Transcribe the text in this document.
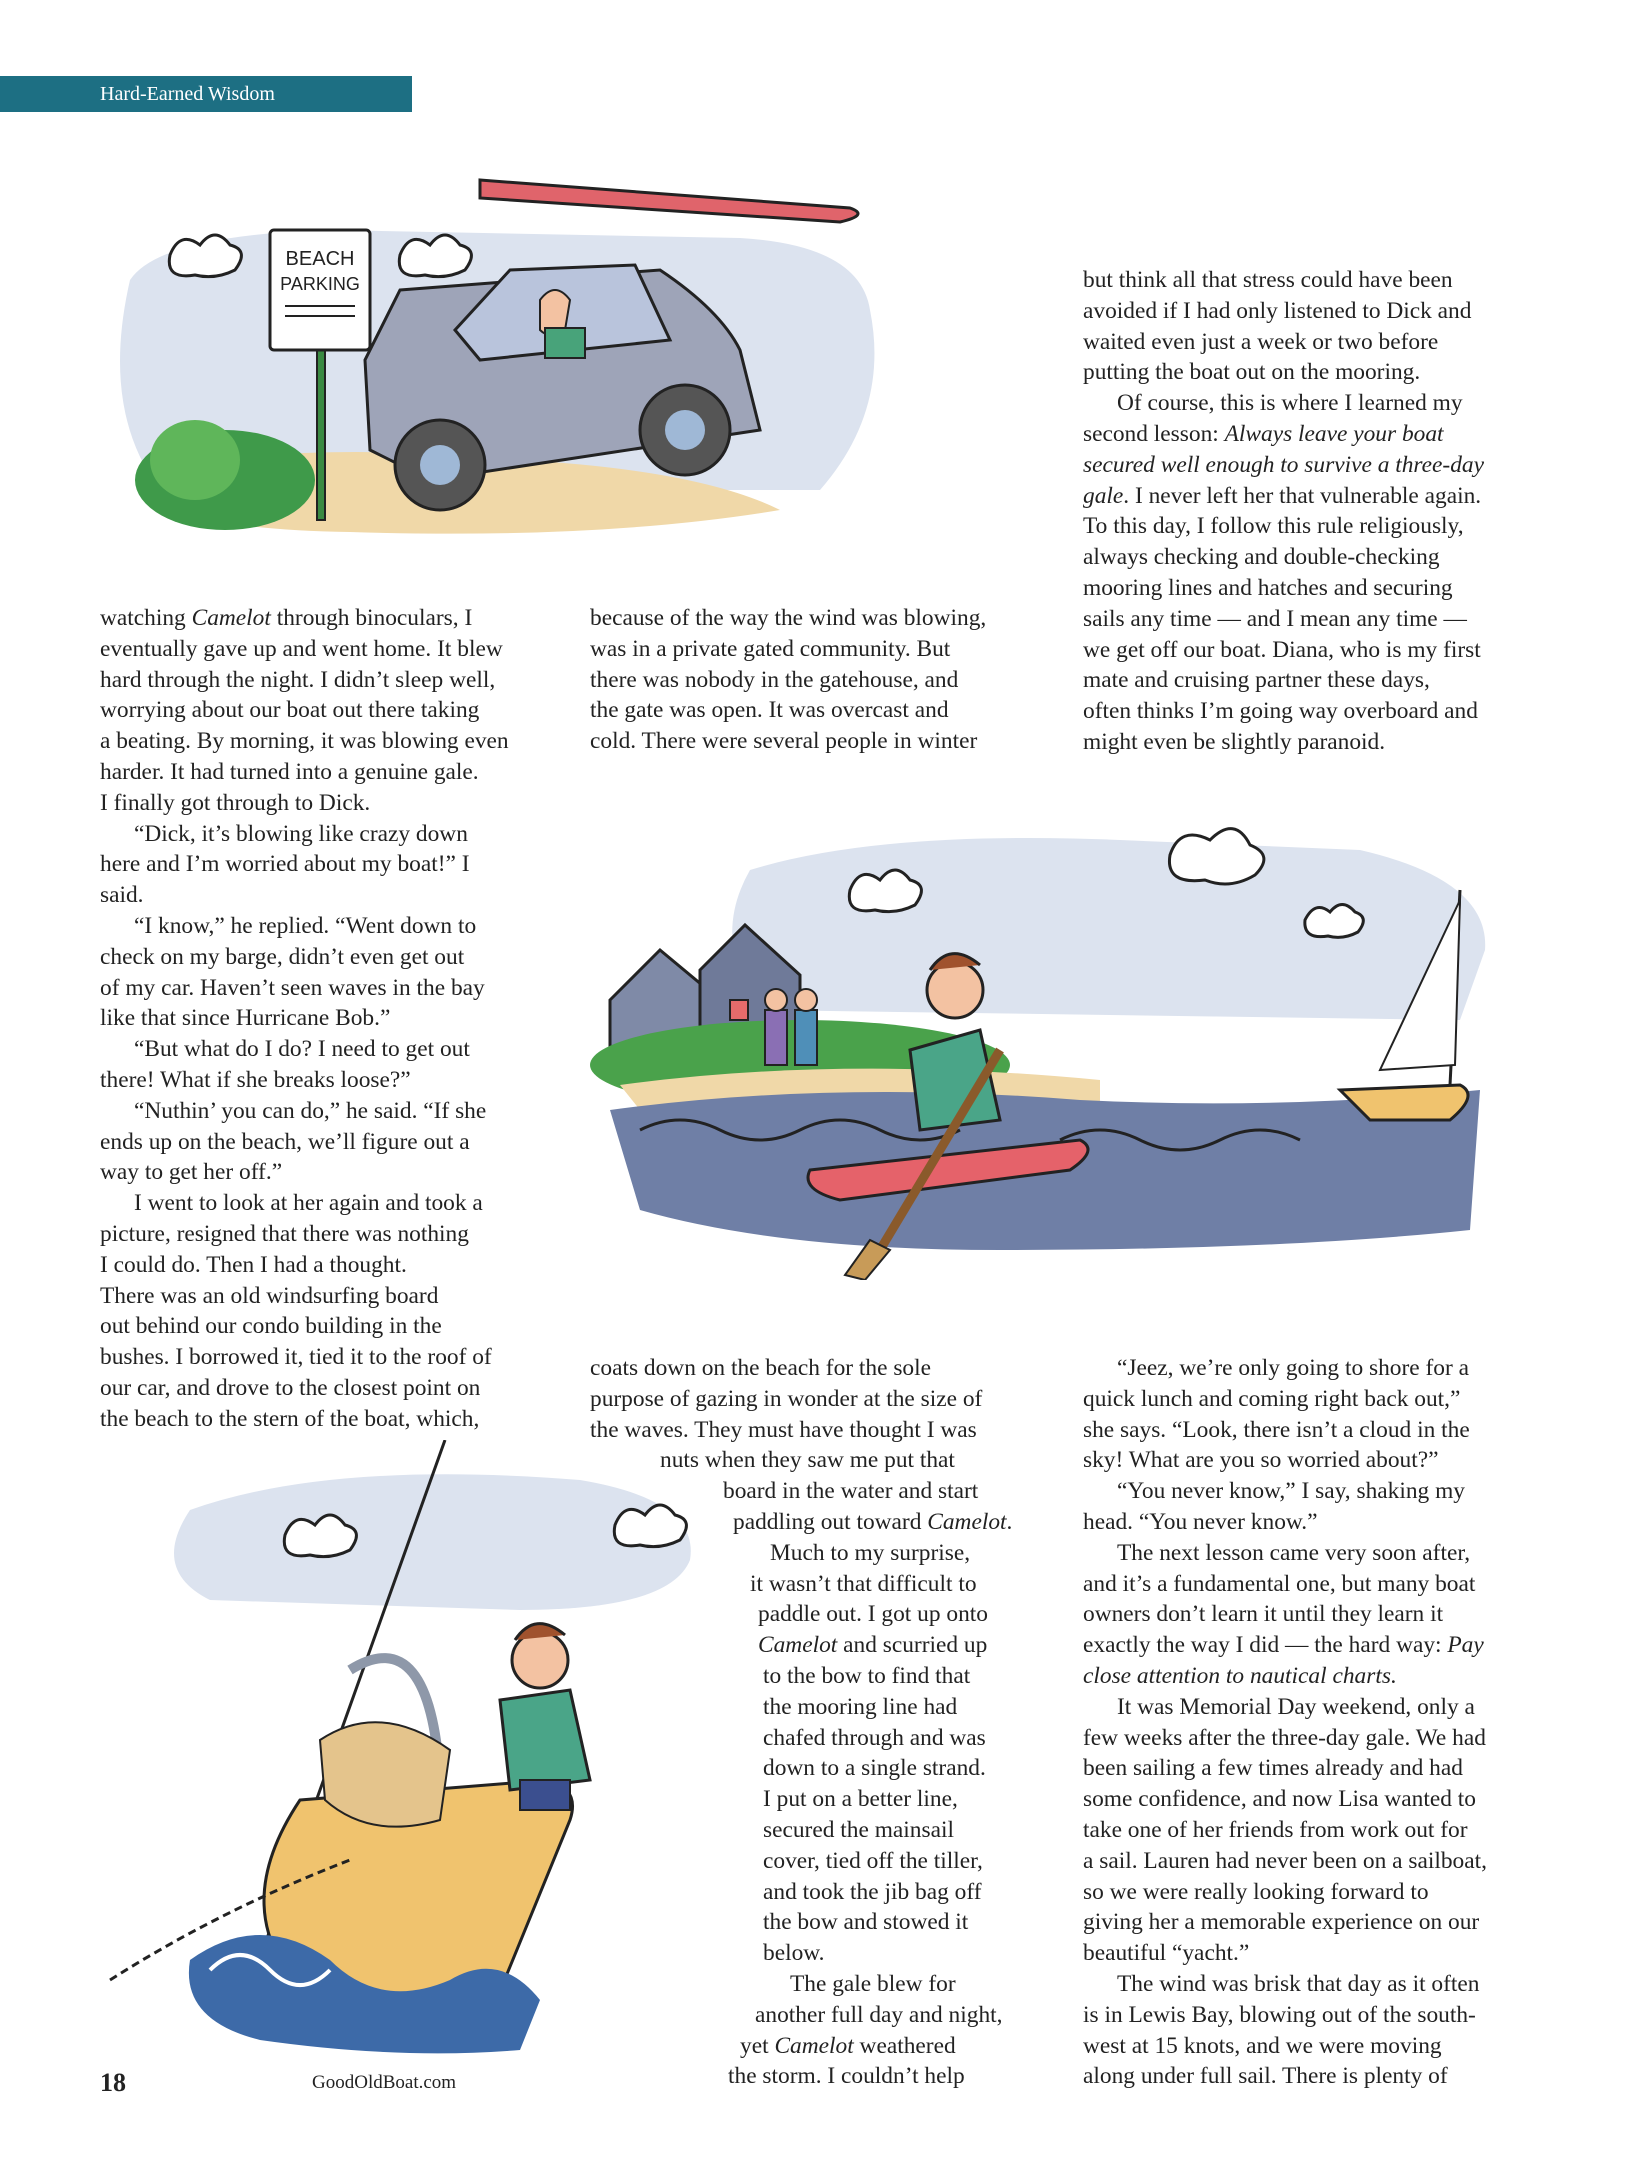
Hard-Earned Wisdom
BEACH
PARKING
watching Camelot through binoculars, I
eventually gave up and went home. It blew
hard through the night. I didn’t sleep well,
worrying about our boat out there taking
a beating. By morning, it was blowing even
harder. It had turned into a genuine gale.
I finally got through to Dick.
“Dick, it’s blowing like crazy down
here and I’m worried about my boat!” I
said.
“I know,” he replied. “Went down to
check on my barge, didn’t even get out
of my car. Haven’t seen waves in the bay
like that since Hurricane Bob.”
“But what do I do? I need to get out
there! What if she breaks loose?”
“Nuthin’ you can do,” he said. “If she
ends up on the beach, we’ll figure out a
way to get her off.”
I went to look at her again and took a
picture, resigned that there was nothing
I could do. Then I had a thought.
There was an old windsurfing board
out behind our condo building in the
bushes. I borrowed it, tied it to the roof of
our car, and drove to the closest point on
the beach to the stern of the boat, which,
because of the way the wind was blowing,
was in a private gated community. But
there was nobody in the gatehouse, and
the gate was open. It was overcast and
cold. There were several people in winter
coats down on the beach for the sole
purpose of gazing in wonder at the size of
the waves. They must have thought I was
nuts when they saw me put that
board in the water and start
paddling out toward Camelot.
Much to my surprise,
it wasn’t that difficult to
paddle out. I got up onto
Camelot and scurried up
to the bow to find that
the mooring line had
chafed through and was
down to a single strand.
I put on a better line,
secured the mainsail
cover, tied off the tiller,
and took the jib bag off
the bow and stowed it
below.
The gale blew for
another full day and night,
yet Camelot weathered
the storm. I couldn’t help
but think all that stress could have been
avoided if I had only listened to Dick and
waited even just a week or two before
putting the boat out on the mooring.
Of course, this is where I learned my
second lesson: Always leave your boat
secured well enough to survive a three-day
gale. I never left her that vulnerable again.
To this day, I follow this rule religiously,
always checking and double-checking
mooring lines and hatches and securing
sails any time — and I mean any time —
we get off our boat. Diana, who is my first
mate and cruising partner these days,
often thinks I’m going way overboard and
might even be slightly paranoid.
“Jeez, we’re only going to shore for a
quick lunch and coming right back out,”
she says. “Look, there isn’t a cloud in the
sky! What are you so worried about?”
“You never know,” I say, shaking my
head. “You never know.”
The next lesson came very soon after,
and it’s a fundamental one, but many boat
owners don’t learn it until they learn it
exactly the way I did — the hard way: Pay
close attention to nautical charts.
It was Memorial Day weekend, only a
few weeks after the three-day gale. We had
been sailing a few times already and had
some confidence, and now Lisa wanted to
take one of her friends from work out for
a sail. Lauren had never been on a sailboat,
so we were really looking forward to
giving her a memorable experience on our
beautiful “yacht.”
The wind was brisk that day as it often
is in Lewis Bay, blowing out of the south-
west at 15 knots, and we were moving
along under full sail. There is plenty of
18	GoodOldBoat.com
